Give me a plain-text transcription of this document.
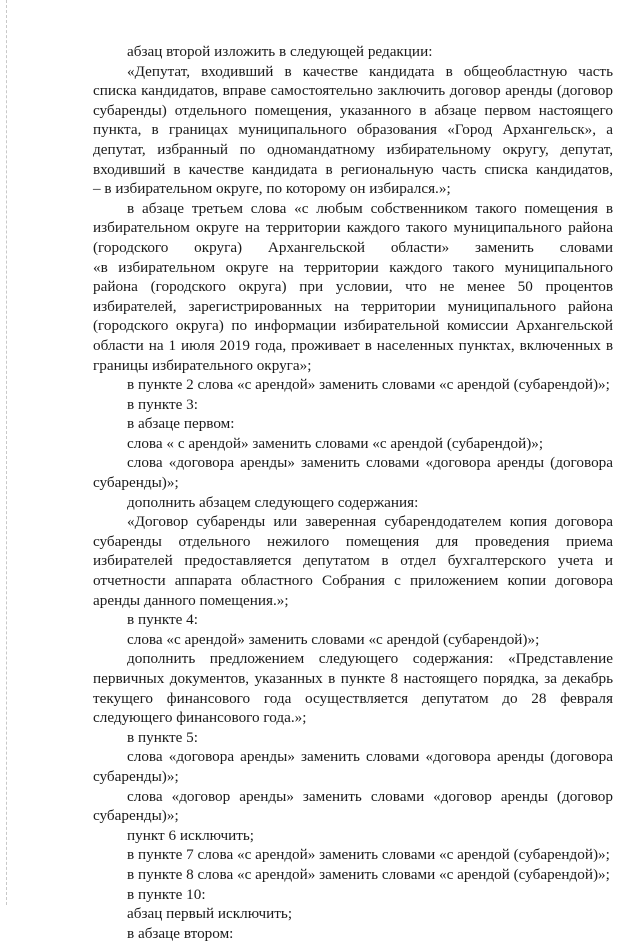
абзац второй изложить в следующей редакции:

«Депутат, входивший в качестве кандидата в общеобластную часть

списка кандидатов, вправе самостоятельно заключить договор аренды (договор

субаренды) отдельного помещения, указанного в абзаце первом настоящего

пункта, в границах муниципального образования «Город Архангельск», а

депутат, избранный по одномандатному избирательному округу, депутат,

входивший в качестве кандидата в региональную часть списка кандидатов,

– в избирательном округе, по которому он избирался.»;

в абзаце третьем слова «с любым собственником такого помещения в

избирательном округе на территории каждого такого муниципального района

(городского округа) Архангельской области» заменить словами

«в избирательном округе на территории каждого такого муниципального

района (городского округа) при условии, что не менее 50 процентов

избирателей, зарегистрированных на территории муниципального района

(городского округа) по информации избирательной комиссии Архангельской

области на 1 июля 2019 года, проживает в населенных пунктах, включенных в

границы избирательного округа»;

в пункте 2 слова «с арендой» заменить словами «с арендой (субарендой)»;

в пункте 3:

в абзаце первом:

слова « с арендой» заменить словами «с арендой (субарендой)»;

слова «договора аренды» заменить словами «договора аренды (договора

субаренды)»;

дополнить абзацем следующего содержания:

«Договор субаренды или заверенная субарендодателем копия договора

субаренды отдельного нежилого помещения для проведения приема

избирателей предоставляется депутатом в отдел бухгалтерского учета и

отчетности аппарата областного Собрания с приложением копии договора

аренды данного помещения.»;

в пункте 4:

слова «с арендой» заменить словами «с арендой (субарендой)»;

дополнить предложением следующего содержания: «Представление

первичных документов, указанных в пункте 8 настоящего порядка, за декабрь

текущего финансового года осуществляется депутатом до 28 февраля

следующего финансового года.»;

в пункте 5:

слова «договора аренды» заменить словами «договора аренды (договора

субаренды)»;

слова «договор аренды» заменить словами «договор аренды (договор

субаренды)»;

пункт 6 исключить;

в пункте 7 слова «с арендой» заменить словами «с арендой (субарендой)»;

в пункте 8 слова «с арендой» заменить словами «с арендой (субарендой)»;

в пункте 10:

абзац первый исключить;

в абзаце втором:
